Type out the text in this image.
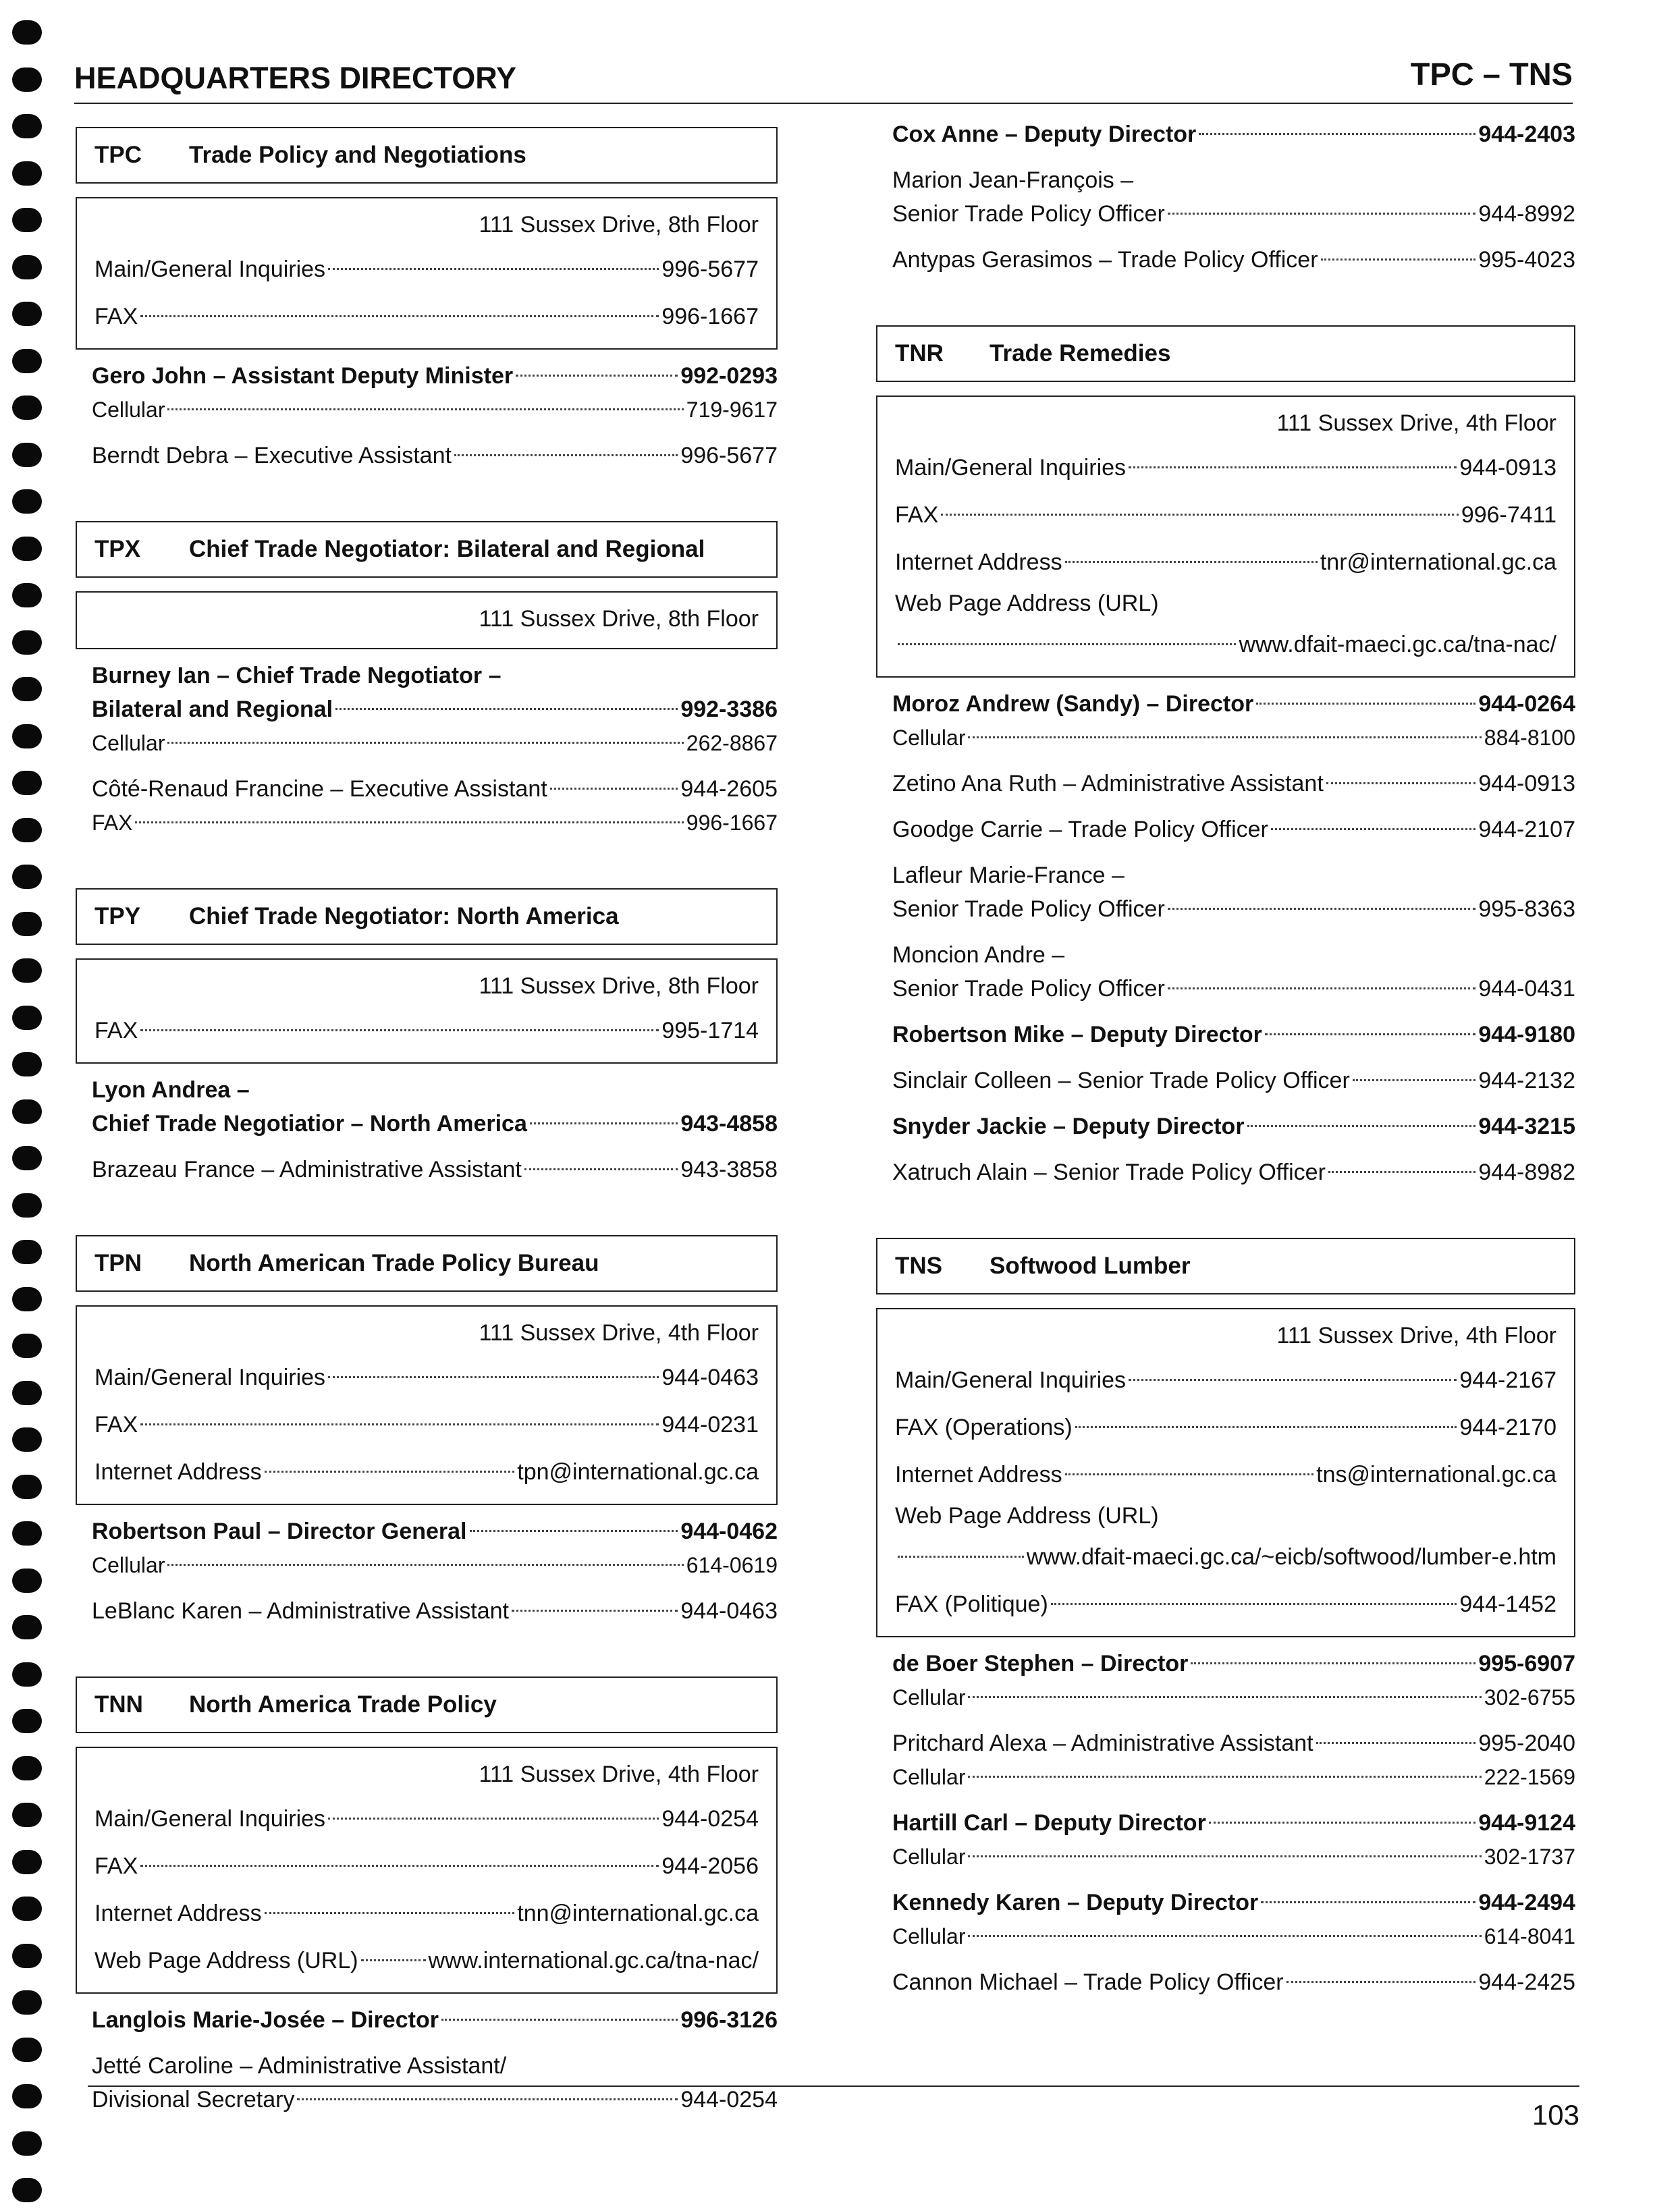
HEADQUARTERS DIRECTORY	TPC – TNS
TPC	Trade Policy and Negotiations
111 Sussex Drive, 8th Floor
Main/General Inquiries	996-5677
FAX	996-1667
Gero John – Assistant Deputy Minister	992-0293
Cellular	719-9617
Berndt Debra – Executive Assistant	996-5677
TPX	Chief Trade Negotiator: Bilateral and Regional
111 Sussex Drive, 8th Floor
Burney Ian – Chief Trade Negotiator –
Bilateral and Regional	992-3386
Cellular	262-8867
Côté-Renaud Francine – Executive Assistant	944-2605
FAX	996-1667
TPY	Chief Trade Negotiator: North America
111 Sussex Drive, 8th Floor
FAX	995-1714
Lyon Andrea –
Chief Trade Negotiatior – North America	943-4858
Brazeau France – Administrative Assistant	943-3858
TPN	North American Trade Policy Bureau
111 Sussex Drive, 4th Floor
Main/General Inquiries	944-0463
FAX	944-0231
Internet Address	tpn@international.gc.ca
Robertson Paul – Director General	944-0462
Cellular	614-0619
LeBlanc Karen – Administrative Assistant	944-0463
TNN	North America Trade Policy
111 Sussex Drive, 4th Floor
Main/General Inquiries	944-0254
FAX	944-2056
Internet Address	tnn@international.gc.ca
Web Page Address (URL)	www.international.gc.ca/tna-nac/
Langlois Marie-Josée – Director	996-3126
Jetté Caroline – Administrative Assistant/
Divisional Secretary	944-0254
Cox Anne – Deputy Director	944-2403
Marion Jean-François –
Senior Trade Policy Officer	944-8992
Antypas Gerasimos – Trade Policy Officer	995-4023
TNR	Trade Remedies
111 Sussex Drive, 4th Floor
Main/General Inquiries	944-0913
FAX	996-7411
Internet Address	tnr@international.gc.ca
Web Page Address (URL)
www.dfait-maeci.gc.ca/tna-nac/
Moroz Andrew (Sandy) – Director	944-0264
Cellular	884-8100
Zetino Ana Ruth – Administrative Assistant	944-0913
Goodge Carrie – Trade Policy Officer	944-2107
Lafleur Marie-France –
Senior Trade Policy Officer	995-8363
Moncion Andre –
Senior Trade Policy Officer	944-0431
Robertson Mike – Deputy Director	944-9180
Sinclair Colleen – Senior Trade Policy Officer	944-2132
Snyder Jackie – Deputy Director	944-3215
Xatruch Alain – Senior Trade Policy Officer	944-8982
TNS	Softwood Lumber
111 Sussex Drive, 4th Floor
Main/General Inquiries	944-2167
FAX (Operations)	944-2170
Internet Address	tns@international.gc.ca
Web Page Address (URL)
www.dfait-maeci.gc.ca/~eicb/softwood/lumber-e.htm
FAX (Politique)	944-1452
de Boer Stephen – Director	995-6907
Cellular	302-6755
Pritchard Alexa – Administrative Assistant	995-2040
Cellular	222-1569
Hartill Carl – Deputy Director	944-9124
Cellular	302-1737
Kennedy Karen – Deputy Director	944-2494
Cellular	614-8041
Cannon Michael – Trade Policy Officer	944-2425
103
